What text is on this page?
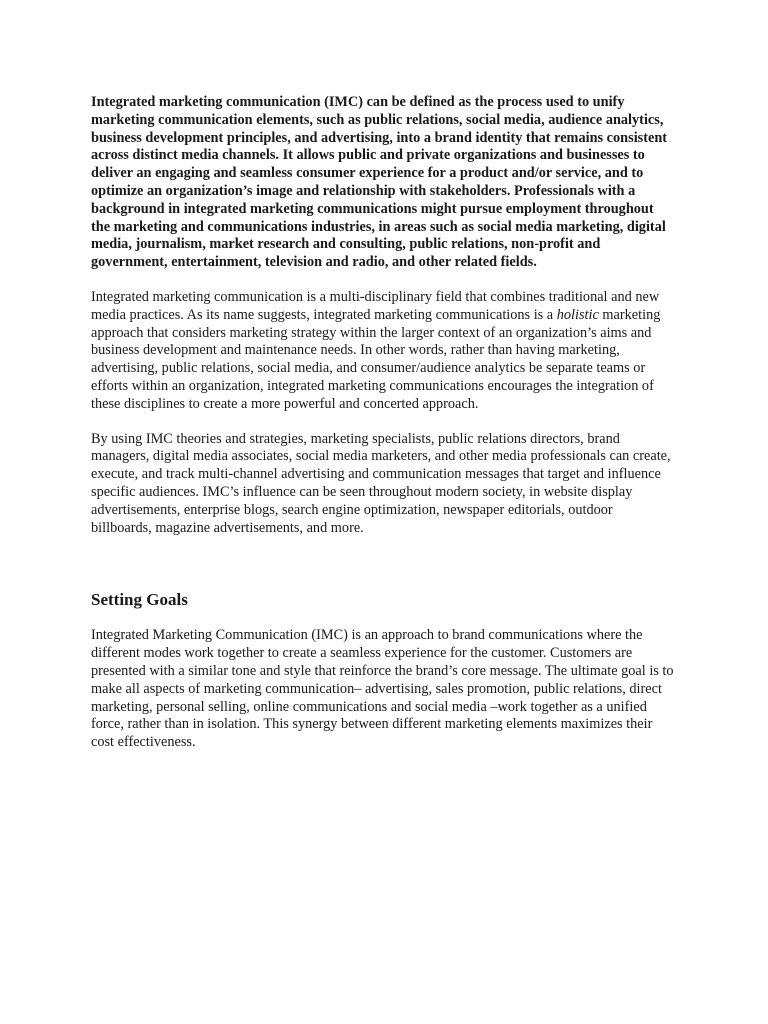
Integrated marketing communication (IMC) can be defined as the process used to unify marketing communication elements, such as public relations, social media, audience analytics, business development principles, and advertising, into a brand identity that remains consistent across distinct media channels. It allows public and private organizations and businesses to deliver an engaging and seamless consumer experience for a product and/or service, and to optimize an organization’s image and relationship with stakeholders. Professionals with a background in integrated marketing communications might pursue employment throughout the marketing and communications industries, in areas such as social media marketing, digital media, journalism, market research and consulting, public relations, non-profit and government, entertainment, television and radio, and other related fields.

Integrated marketing communication is a multi-disciplinary field that combines traditional and new media practices. As its name suggests, integrated marketing communications is a holistic marketing approach that considers marketing strategy within the larger context of an organization’s aims and business development and maintenance needs. In other words, rather than having marketing, advertising, public relations, social media, and consumer/audience analytics be separate teams or efforts within an organization, integrated marketing communications encourages the integration of these disciplines to create a more powerful and concerted approach.

By using IMC theories and strategies, marketing specialists, public relations directors, brand managers, digital media associates, social media marketers, and other media professionals can create, execute, and track multi-channel advertising and communication messages that target and influence specific audiences. IMC’s influence can be seen throughout modern society, in website display advertisements, enterprise blogs, search engine optimization, newspaper editorials, outdoor billboards, magazine advertisements, and more.

Setting Goals

Integrated Marketing Communication (IMC) is an approach to brand communications where the different modes work together to create a seamless experience for the customer. Customers are presented with a similar tone and style that reinforce the brand’s core message. The ultimate goal is to make all aspects of marketing communication– advertising, sales promotion, public relations, direct marketing, personal selling, online communications and social media –work together as a unified force, rather than in isolation. This synergy between different marketing elements maximizes their cost effectiveness.
